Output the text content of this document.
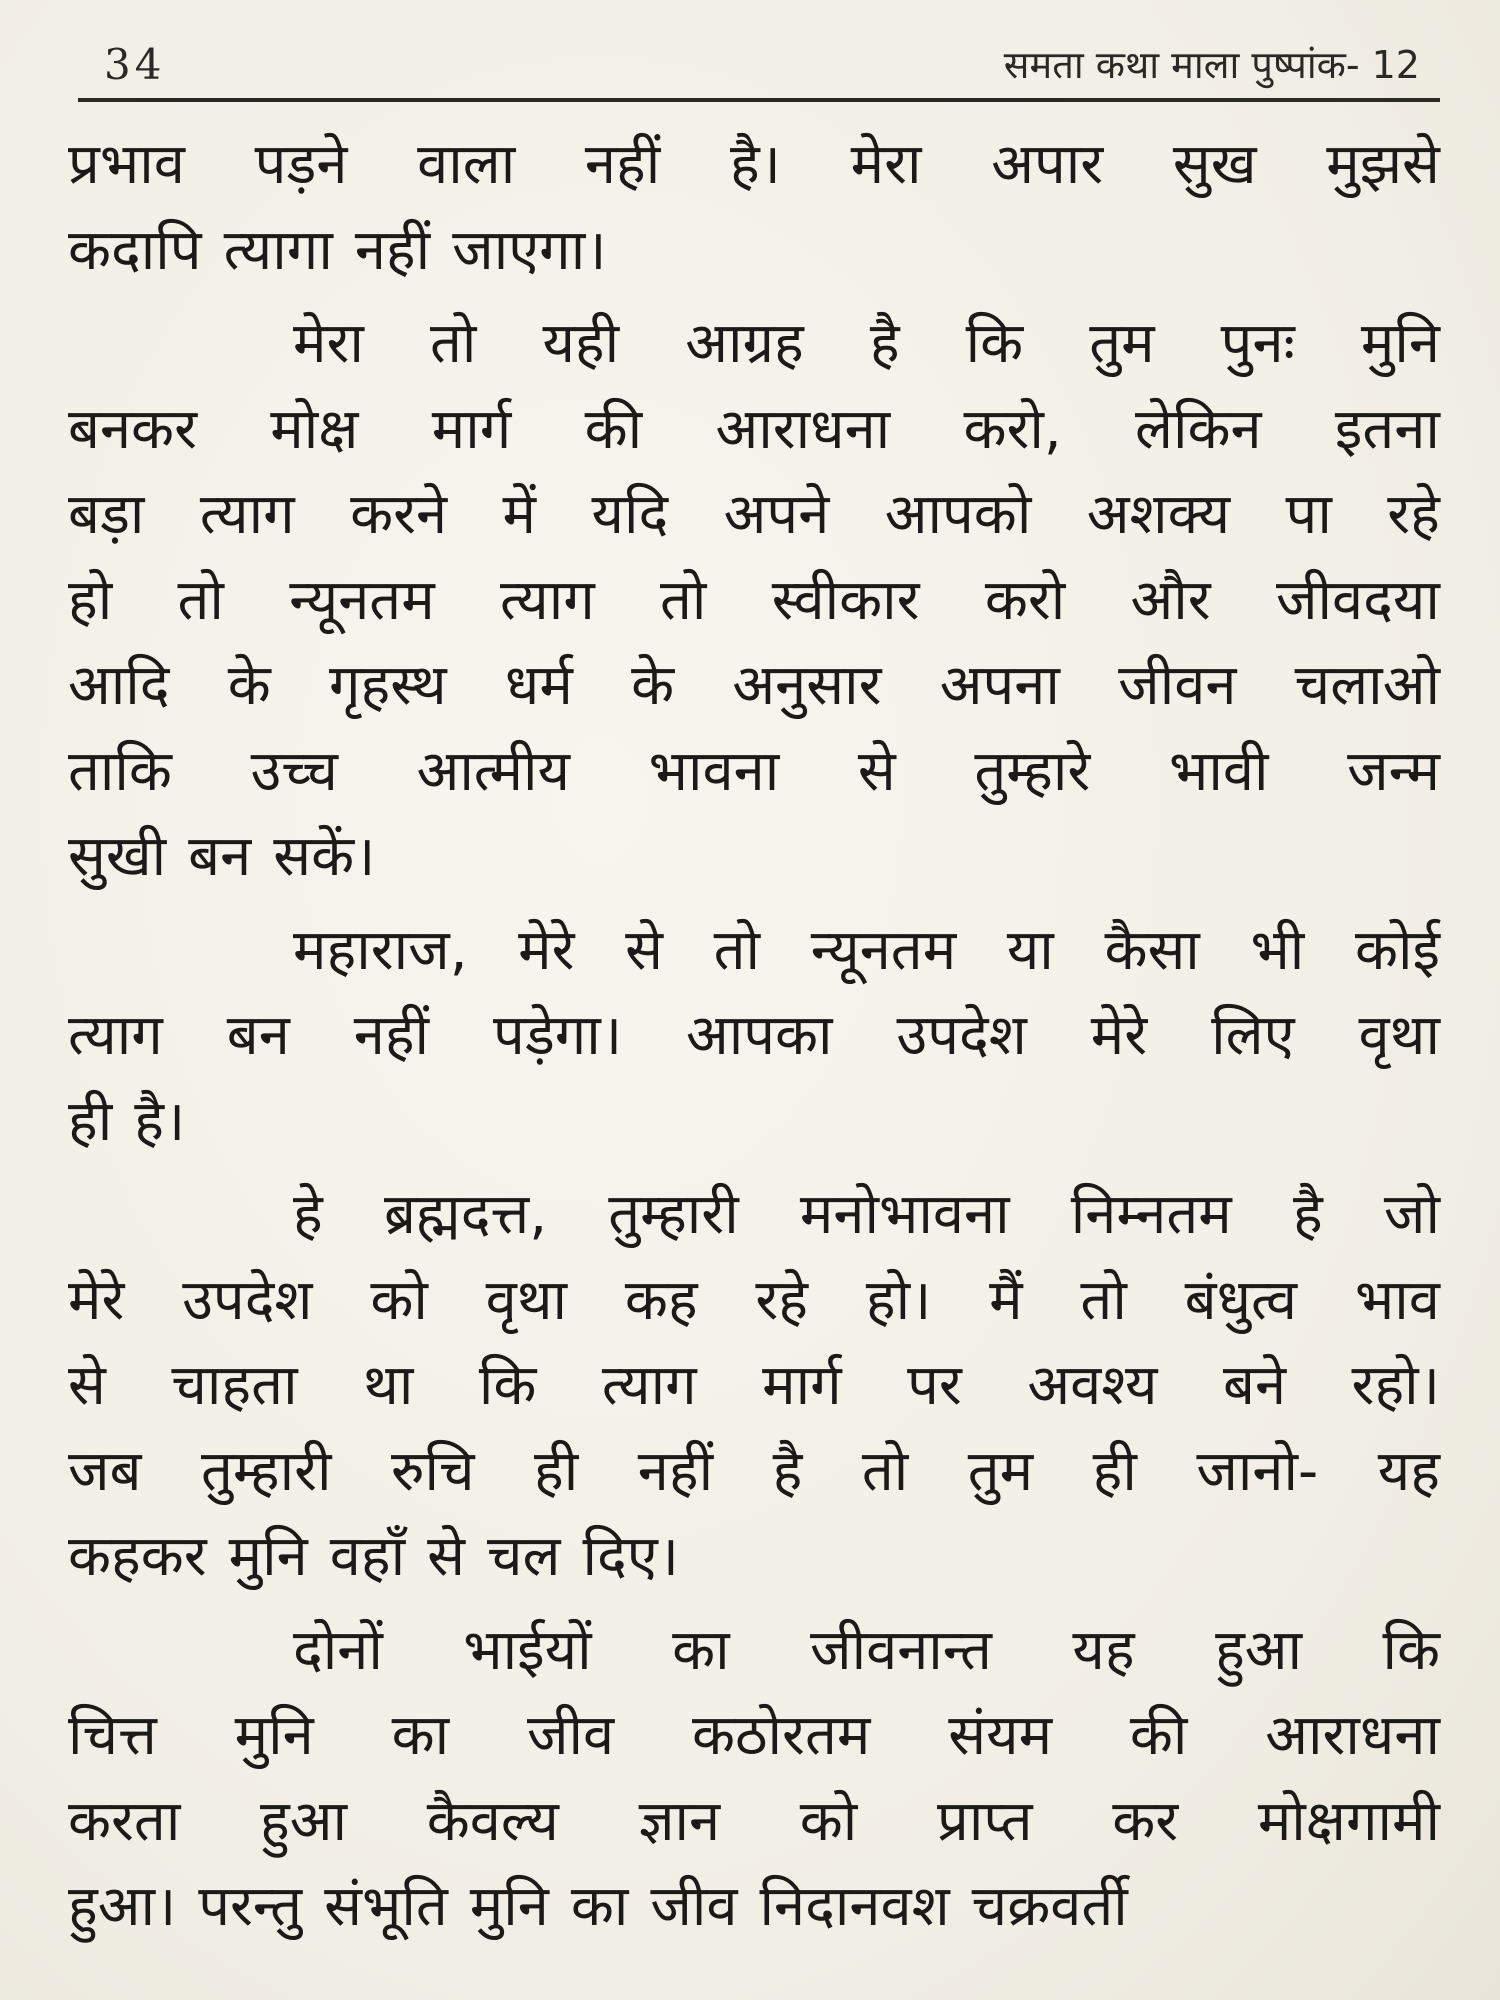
34	समता कथा माला पुष्पांक- 12
प्रभाव पड़ने वाला नहीं है। मेरा अपार सुख मुझसे
कदापि त्यागा नहीं जाएगा।
मेरा तो यही आग्रह है कि तुम पुनः मुनि
बनकर मोक्ष मार्ग की आराधना करो, लेकिन इतना
बड़ा त्याग करने में यदि अपने आपको अशक्य पा रहे
हो तो न्यूनतम त्याग तो स्वीकार करो और जीवदया
आदि के गृहस्थ धर्म के अनुसार अपना जीवन चलाओ
ताकि उच्च आत्मीय भावना से तुम्हारे भावी जन्म
सुखी बन सकें।
महाराज, मेरे से तो न्यूनतम या कैसा भी कोई
त्याग बन नहीं पड़ेगा। आपका उपदेश मेरे लिए वृथा
ही है।
हे ब्रह्मदत्त, तुम्हारी मनोभावना निम्नतम है जो
मेरे उपदेश को वृथा कह रहे हो। मैं तो बंधुत्व भाव
से चाहता था कि त्याग मार्ग पर अवश्य बने रहो।
जब तुम्हारी रुचि ही नहीं है तो तुम ही जानो- यह
कहकर मुनि वहाँ से चल दिए।
दोनों भाईयों का जीवनान्त यह हुआ कि
चित्त मुनि का जीव कठोरतम संयम की आराधना
करता हुआ कैवल्य ज्ञान को प्राप्त कर मोक्षगामी
हुआ। परन्तु संभूति मुनि का जीव निदानवश चक्रवर्ती
